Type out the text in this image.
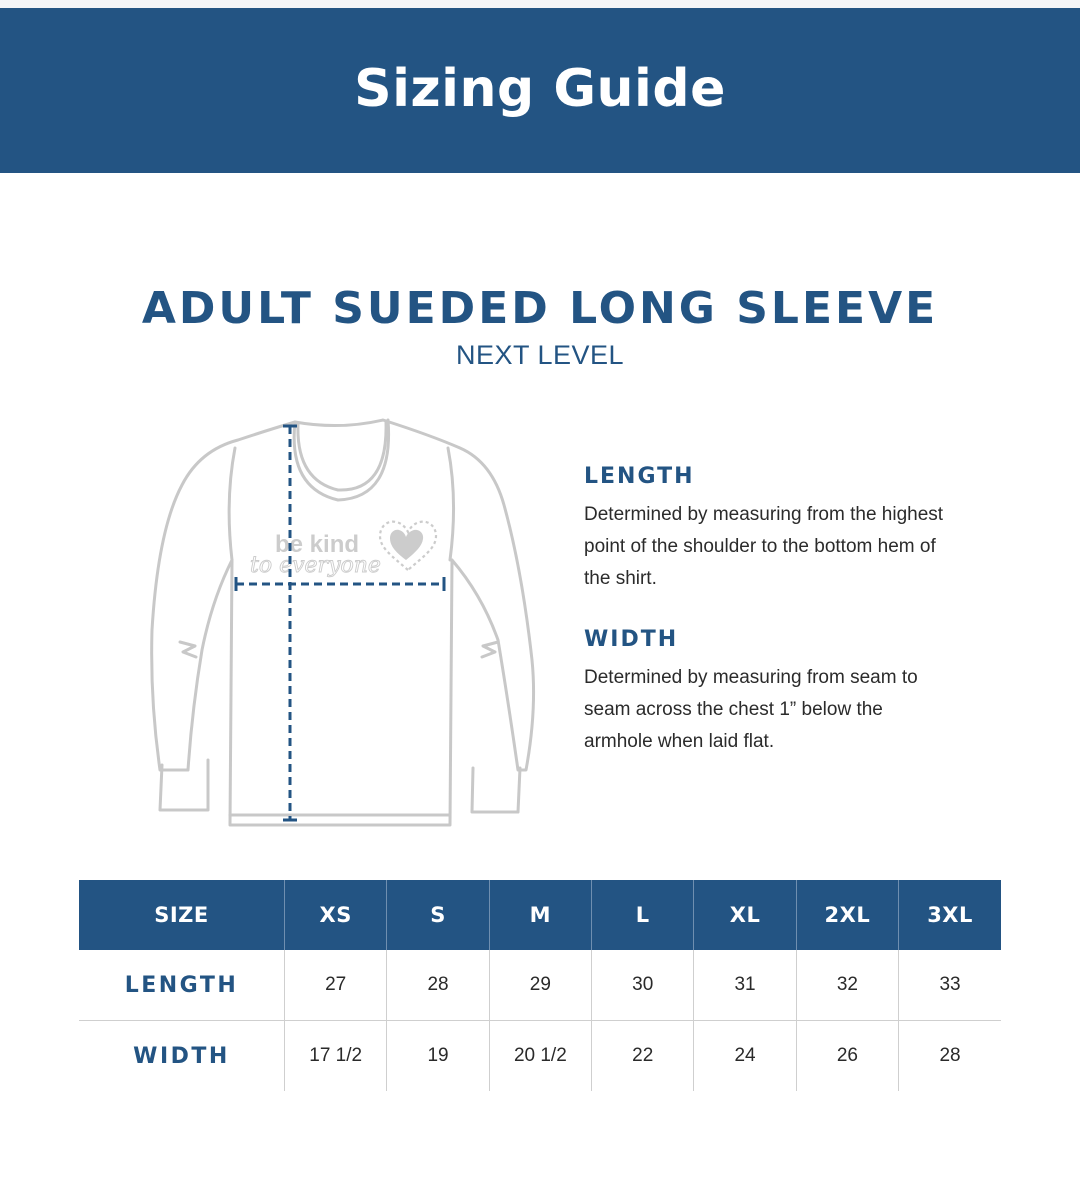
Sizing Guide
ADULT SUEDED LONG SLEEVE
NEXT LEVEL
be kind
to everyone
LENGTH

Determined by measuring from the highest point of the shoulder to the bottom hem of the shirt.

WIDTH

Determined by measuring from seam to seam across the chest 1” below the armhole when laid flat.

SIZE	XS	S	M	L	XL	2XL	3XL
LENGTH	27	28	29	30	31	32	33
WIDTH	17 1/2	19	20 1/2	22	24	26	28
